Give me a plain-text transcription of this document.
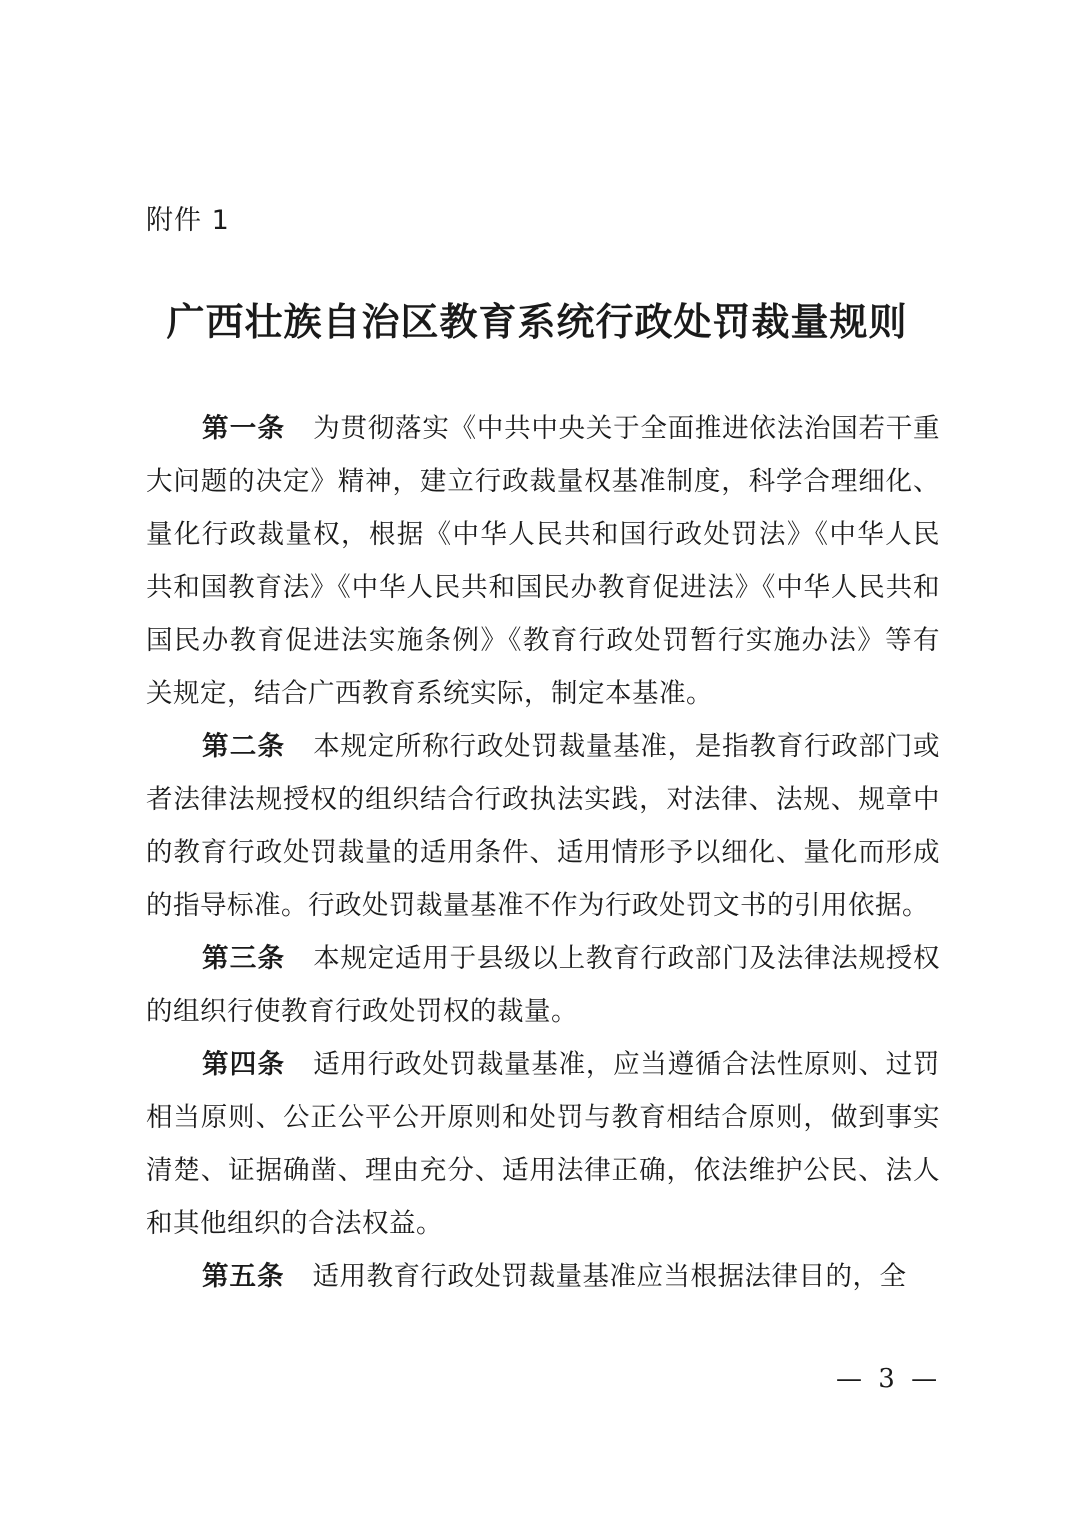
附件 1

广西壮族自治区教育系统行政处罚裁量规则

第一条 为贯彻落实《中共中央关于全面推进依法治国若干重大问题的决定》精神，建立行政裁量权基准制度，科学合理细化、量化行政裁量权，根据《中华人民共和国行政处罚法》《中华人民共和国教育法》《中华人民共和国民办教育促进法》《中华人民共和国民办教育促进法实施条例》《教育行政处罚暂行实施办法》等有关规定，结合广西教育系统实际，制定本基准。

第二条 本规定所称行政处罚裁量基准，是指教育行政部门或者法律法规授权的组织结合行政执法实践，对法律、法规、规章中的教育行政处罚裁量的适用条件、适用情形予以细化、量化而形成的指导标准。行政处罚裁量基准不作为行政处罚文书的引用依据。

第三条 本规定适用于县级以上教育行政部门及法律法规授权的组织行使教育行政处罚权的裁量。

第四条 适用行政处罚裁量基准，应当遵循合法性原则、过罚相当原则、公正公平公开原则和处罚与教育相结合原则，做到事实清楚、证据确凿、理由充分、适用法律正确，依法维护公民、法人和其他组织的合法权益。

第五条 适用教育行政处罚裁量基准应当根据法律目的，全

— 3 —
